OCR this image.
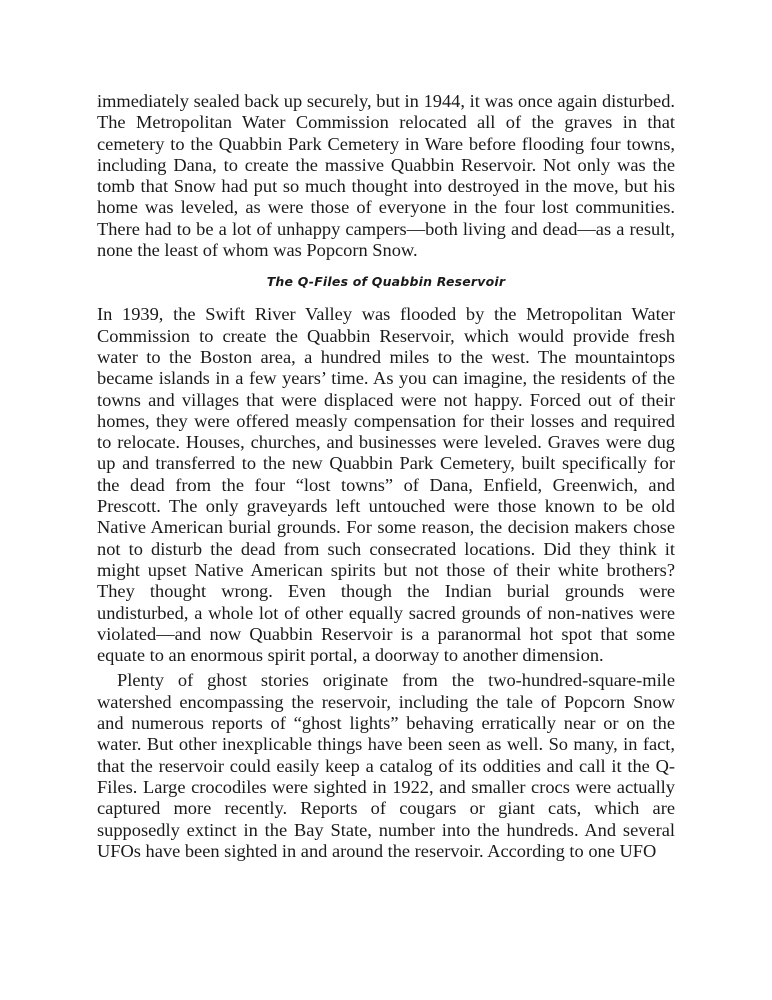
immediately sealed back up securely, but in 1944, it was once again disturbed. The Metropolitan Water Commission relocated all of the graves in that cemetery to the Quabbin Park Cemetery in Ware before flooding four towns, including Dana, to create the massive Quabbin Reservoir. Not only was the tomb that Snow had put so much thought into destroyed in the move, but his home was leveled, as were those of everyone in the four lost communities. There had to be a lot of unhappy campers—both living and dead—as a result, none the least of whom was Popcorn Snow.

The Q-Files of Quabbin Reservoir

In 1939, the Swift River Valley was flooded by the Metropolitan Water Commission to create the Quabbin Reservoir, which would provide fresh water to the Boston area, a hundred miles to the west. The mountaintops became islands in a few years’ time. As you can imagine, the residents of the towns and villages that were displaced were not happy. Forced out of their homes, they were offered measly compensation for their losses and required to relocate. Houses, churches, and businesses were leveled. Graves were dug up and transferred to the new Quabbin Park Cemetery, built specifically for the dead from the four “lost towns” of Dana, Enfield, Greenwich, and Prescott. The only graveyards left untouched were those known to be old Native American burial grounds. For some reason, the decision makers chose not to disturb the dead from such consecrated locations. Did they think it might upset Native American spirits but not those of their white brothers? They thought wrong. Even though the Indian burial grounds were undisturbed, a whole lot of other equally sacred grounds of non-natives were violated—and now Quabbin Reservoir is a paranormal hot spot that some equate to an enormous spirit portal, a doorway to another dimension.

Plenty of ghost stories originate from the two-hundred-square-mile watershed encompassing the reservoir, including the tale of Popcorn Snow and numerous reports of “ghost lights” behaving erratically near or on the water. But other inexplicable things have been seen as well. So many, in fact, that the reservoir could easily keep a catalog of its oddities and call it the Q-Files. Large crocodiles were sighted in 1922, and smaller crocs were actually captured more recently. Reports of cougars or giant cats, which are supposedly extinct in the Bay State, number into the hundreds. And several UFOs have been sighted in and around the reservoir. According to one UFO
